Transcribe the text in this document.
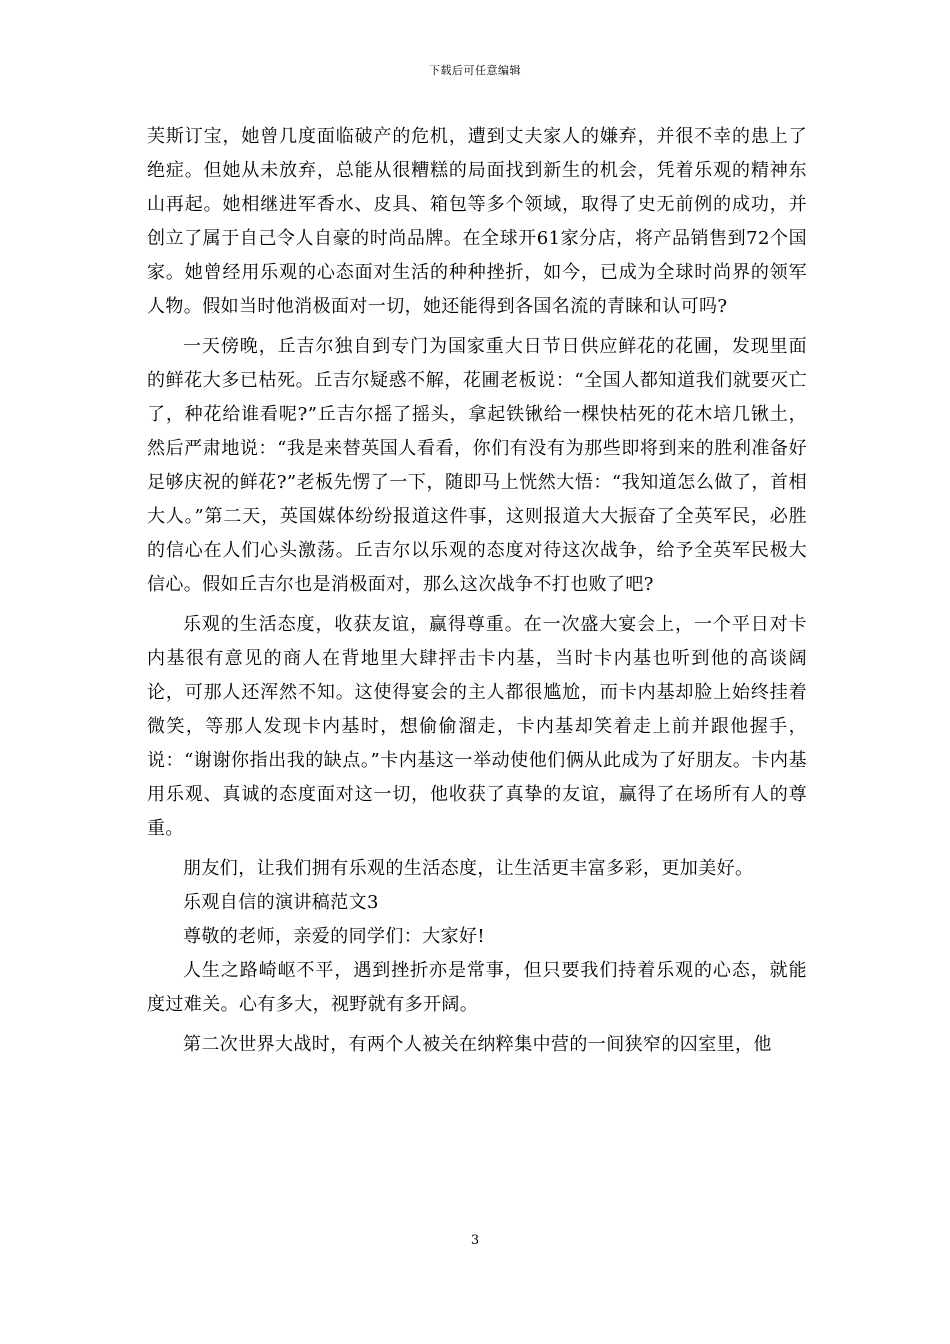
下载后可任意编辑

芙斯订宝，她曾几度面临破产的危机，遭到丈夫家人的嫌弃，并很不幸的患上了绝症。但她从未放弃，总能从很糟糕的局面找到新生的机会，凭着乐观的精神东山再起。她相继进军香水、皮具、箱包等多个领域，取得了史无前例的成功，并创立了属于自己令人自豪的时尚品牌。在全球开61家分店，将产品销售到72个国家。她曾经用乐观的心态面对生活的种种挫折，如今，已成为全球时尚界的领军人物。假如当时他消极面对一切，她还能得到各国名流的青睐和认可吗?

一天傍晚，丘吉尔独自到专门为国家重大日节日供应鲜花的花圃，发现里面的鲜花大多已枯死。丘吉尔疑惑不解，花圃老板说：“全国人都知道我们就要灭亡了，种花给谁看呢?”丘吉尔摇了摇头，拿起铁锹给一棵快枯死的花木培几锹土，然后严肃地说：“我是来替英国人看看，你们有没有为那些即将到来的胜利准备好足够庆祝的鲜花?”老板先愣了一下，随即马上恍然大悟：“我知道怎么做了，首相大人。”第二天，英国媒体纷纷报道这件事，这则报道大大振奋了全英军民，必胜的信心在人们心头激荡。丘吉尔以乐观的态度对待这次战争，给予全英军民极大信心。假如丘吉尔也是消极面对，那么这次战争不打也败了吧?

乐观的生活态度，收获友谊，赢得尊重。在一次盛大宴会上，一个平日对卡内基很有意见的商人在背地里大肆抨击卡内基，当时卡内基也听到他的高谈阔论，可那人还浑然不知。这使得宴会的主人都很尴尬，而卡内基却脸上始终挂着微笑，等那人发现卡内基时，想偷偷溜走，卡内基却笑着走上前并跟他握手，说：“谢谢你指出我的缺点。”卡内基这一举动使他们俩从此成为了好朋友。卡内基用乐观、真诚的态度面对这一切，他收获了真挚的友谊，赢得了在场所有人的尊重。

朋友们，让我们拥有乐观的生活态度，让生活更丰富多彩，更加美好。

乐观自信的演讲稿范文3

尊敬的老师，亲爱的同学们：大家好!

人生之路崎岖不平，遇到挫折亦是常事，但只要我们持着乐观的心态，就能度过难关。心有多大，视野就有多开阔。

第二次世界大战时，有两个人被关在纳粹集中营的一间狭窄的囚室里，他

3
